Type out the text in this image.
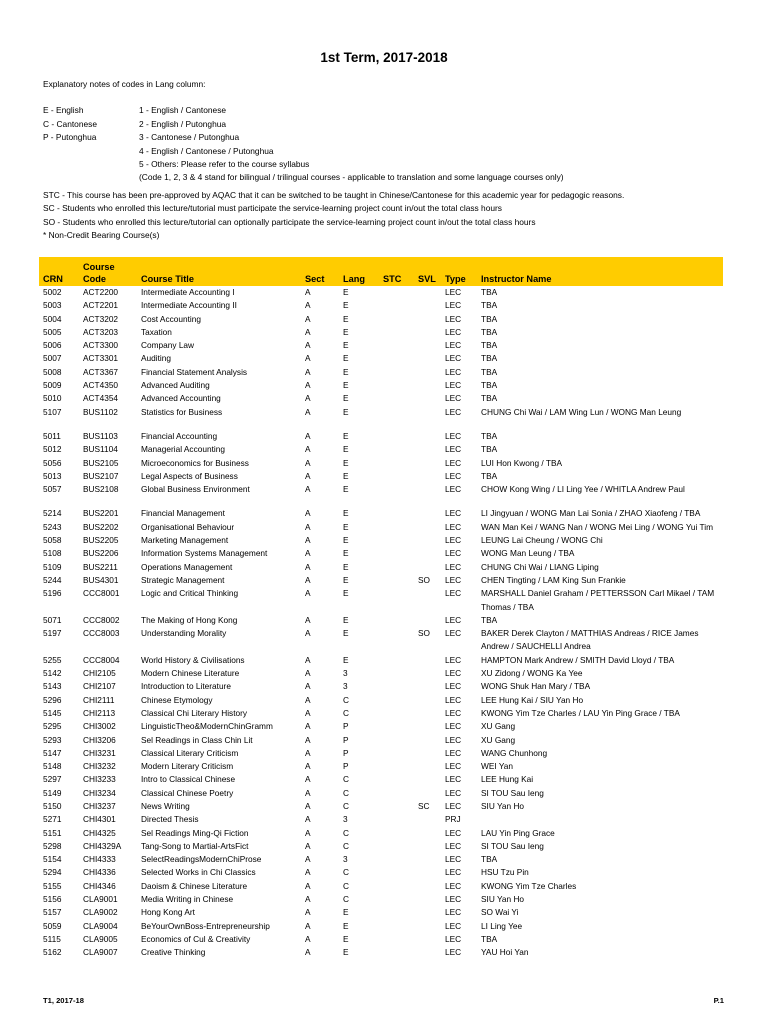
1st Term, 2017-2018
Explanatory notes of codes in Lang column:
E - English	1 - English / Cantonese
C - Cantonese	2 - English / Putonghua
P - Putonghua	3 - Cantonese / Putonghua
4 - English / Cantonese / Putonghua
5 - Others: Please refer to the course syllabus
(Code 1, 2, 3 & 4 stand for bilingual / trilingual courses - applicable to translation and some language courses only)
STC - This course has been pre-approved by AQAC that it can be switched to be taught in Chinese/Cantonese for this academic year for pedagogic reasons.
SC - Students who enrolled this lecture/tutorial must participate the service-learning project count in/out the total class hours
SO - Students who enrolled this lecture/tutorial can optionally participate the service-learning project count in/out the total class hours
* Non-Credit Bearing Course(s)
CRN	Course Code	Course Title	Sect	Lang	STC	SVL	Type	Instructor Name
5002	ACT2200	Intermediate Accounting I	A	E			LEC	TBA
5003	ACT2201	Intermediate Accounting II	A	E			LEC	TBA
5004	ACT3202	Cost Accounting	A	E			LEC	TBA
5005	ACT3203	Taxation	A	E			LEC	TBA
5006	ACT3300	Company Law	A	E			LEC	TBA
5007	ACT3301	Auditing	A	E			LEC	TBA
5008	ACT3367	Financial Statement Analysis	A	E			LEC	TBA
5009	ACT4350	Advanced Auditing	A	E			LEC	TBA
5010	ACT4354	Advanced Accounting	A	E			LEC	TBA
5107	BUS1102	Statistics for Business	A	E			LEC	CHUNG Chi Wai / LAM Wing Lun / WONG Man Leung

5011	BUS1103	Financial Accounting	A	E			LEC	TBA
5012	BUS1104	Managerial Accounting	A	E			LEC	TBA
5056	BUS2105	Microeconomics for Business	A	E			LEC	LUI Hon Kwong / TBA
5013	BUS2107	Legal Aspects of Business	A	E			LEC	TBA
5057	BUS2108	Global Business Environment	A	E			LEC	CHOW Kong Wing / LI Ling Yee / WHITLA Andrew Paul

5214	BUS2201	Financial Management	A	E			LEC	LI Jingyuan / WONG Man Lai Sonia / ZHAO Xiaofeng / TBA
5243	BUS2202	Organisational Behaviour	A	E			LEC	WAN Man Kei / WANG Nan / WONG Mei Ling / WONG Yui Tim
5058	BUS2205	Marketing Management	A	E			LEC	LEUNG Lai Cheung / WONG Chi
5108	BUS2206	Information Systems Management	A	E			LEC	WONG Man Leung / TBA
5109	BUS2211	Operations Management	A	E			LEC	CHUNG Chi Wai / LIANG Liping
5244	BUS4301	Strategic Management	A	E		SO	LEC	CHEN Tingting / LAM King Sun Frankie
5196	CCC8001	Logic and Critical Thinking	A	E			LEC	MARSHALL Daniel Graham / PETTERSSON Carl Mikael / TAM Thomas / TBA
5071	CCC8002	The Making of Hong Kong	A	E			LEC	TBA
5197	CCC8003	Understanding Morality	A	E		SO	LEC	BAKER Derek Clayton / MATTHIAS Andreas / RICE James Andrew / SAUCHELLI Andrea
5255	CCC8004	World History & Civilisations	A	E			LEC	HAMPTON Mark Andrew / SMITH David Lloyd / TBA
5142	CHI2105	Modern Chinese Literature	A	3			LEC	XU Zidong / WONG Ka Yee
5143	CHI2107	Introduction to Literature	A	3			LEC	WONG Shuk Han Mary / TBA
5296	CHI2111	Chinese Etymology	A	C			LEC	LEE Hung Kai / SIU Yan Ho
5145	CHI2113	Classical Chi Literary History	A	C			LEC	KWONG Yim Tze Charles / LAU Yin Ping Grace / TBA
5295	CHI3002	LinguisticTheo&ModernChinGramm	A	P			LEC	XU Gang
5293	CHI3206	Sel Readings in Class Chin Lit	A	P			LEC	XU Gang
5147	CHI3231	Classical Literary Criticism	A	P			LEC	WANG Chunhong
5148	CHI3232	Modern Literary Criticism	A	P			LEC	WEI Yan
5297	CHI3233	Intro to Classical Chinese	A	C			LEC	LEE Hung Kai
5149	CHI3234	Classical Chinese Poetry	A	C			LEC	SI TOU Sau Ieng
5150	CHI3237	News Writing	A	C		SC	LEC	SIU Yan Ho
5271	CHI4301	Directed Thesis	A	3			PRJ	
5151	CHI4325	Sel Readings Ming-Qi Fiction	A	C			LEC	LAU Yin Ping Grace
5298	CHI4329A	Tang-Song to Martial-ArtsFict	A	C			LEC	SI TOU Sau Ieng
5154	CHI4333	SelectReadingsModernChiProse	A	3			LEC	TBA
5294	CHI4336	Selected Works in Chi Classics	A	C			LEC	HSU Tzu Pin
5155	CHI4346	Daoism & Chinese Literature	A	C			LEC	KWONG Yim Tze Charles
5156	CLA9001	Media Writing in Chinese	A	C			LEC	SIU Yan Ho
5157	CLA9002	Hong Kong Art	A	E			LEC	SO Wai Yi
5059	CLA9004	BeYourOwnBoss-Entrepreneurship	A	E			LEC	LI Ling Yee
5115	CLA9005	Economics of Cul & Creativity	A	E			LEC	TBA
5162	CLA9007	Creative Thinking	A	E			LEC	YAU Hoi Yan
T1, 2017-18	P.1
